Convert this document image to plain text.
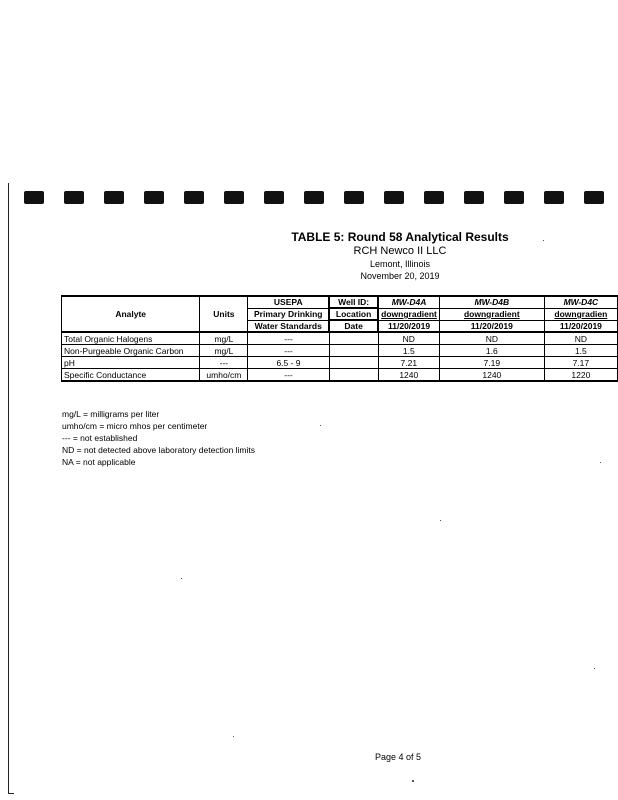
TABLE 5: Round 58 Analytical Results
RCH Newco II LLC
Lemont, Illinois
November 20, 2019
Analyte	Units	USEPA	Well ID:	MW-D4A	MW-D4B	MW-D4C
		Primary Drinking	Location	downgradient	downgradient	downgradien
		Water Standards	Date	11/20/2019	11/20/2019	11/20/2019
Total Organic Halogens	mg/L	---		ND	ND	ND
Non-Purgeable Organic Carbon	mg/L	---		1.5	1.6	1.5
pH	---	6.5 - 9		7.21	7.19	7.17
Specific Conductance	umho/cm	---		1240	1240	1220
mg/L = milligrams per liter
umho/cm = micro mhos per centimeter
--- = not established
ND = not detected above laboratory detection limits
NA = not applicable
Page 4 of 5
